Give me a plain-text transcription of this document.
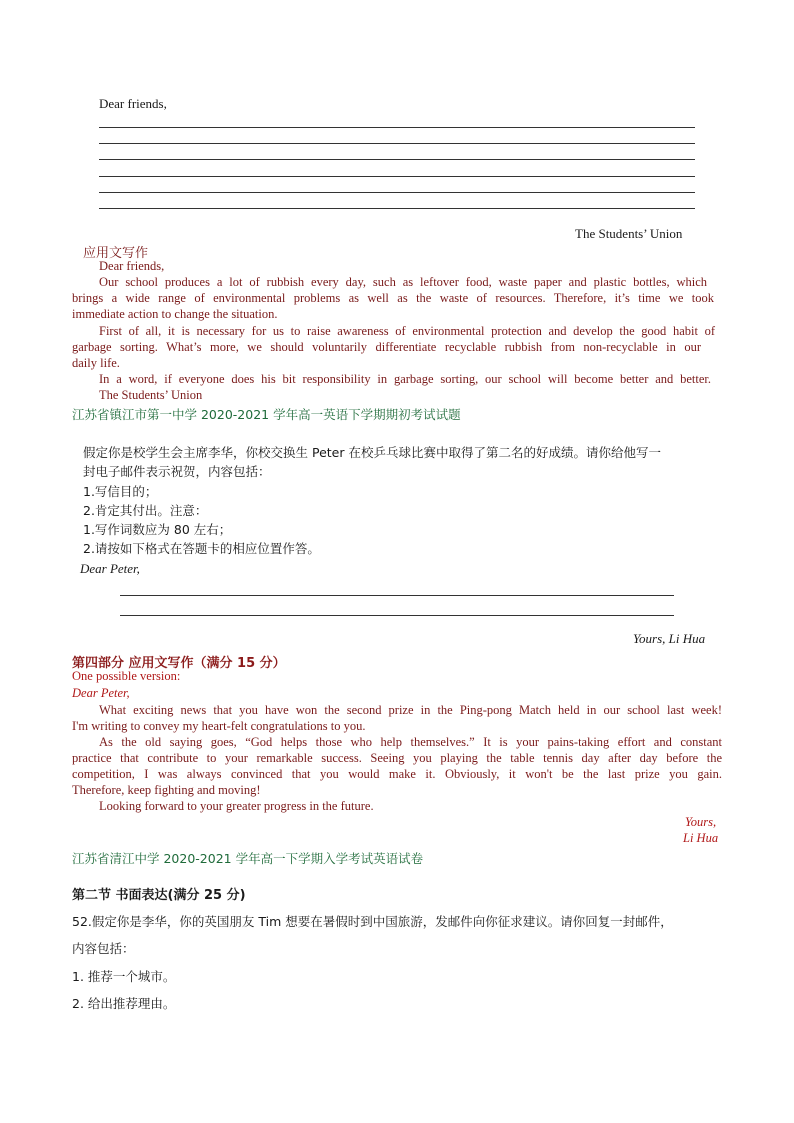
Dear friends,
The Students’ Union
应用文写作
Dear friends,
Our school produces a lot of rubbish every day, such as leftover food, waste paper and plastic bottles, which
brings a wide range of environmental problems as well as the waste of resources. Therefore, it’s time we took
immediate action to change the situation.
First of all, it is necessary for us to raise awareness of environmental protection and develop the good habit of
garbage sorting. What’s more, we should voluntarily differentiate recyclable rubbish from non-recyclable in our
daily life.
In a word, if everyone does his bit responsibility in garbage sorting, our school will become better and better.
The Students’ Union
江苏省镇江市第一中学 2020-2021 学年高一英语下学期期初考试试题
假定你是校学生会主席李华，你校交换生 Peter 在校乒乓球比赛中取得了第二名的好成绩。请你给他写一
封电子邮件表示祝贺，内容包括：
1.写信目的；
2.肯定其付出。注意：
1.写作词数应为 80 左右；
2.请按如下格式在答题卡的相应位置作答。
Dear Peter,
Yours, Li Hua
第四部分 应用文写作（满分 15 分）
One possible version:
Dear Peter,
What exciting news that you have won the second prize in the Ping-pong Match held in our school last week!
I'm writing to convey my heart-felt congratulations to you.
As the old saying goes, “God helps those who help themselves.” It is your pains-taking effort and constant
practice that contribute to your remarkable success. Seeing you playing the table tennis day after day before the
competition, I was always convinced that you would make it. Obviously, it won't be the last prize you gain.
Therefore, keep fighting and moving!
Looking forward to your greater progress in the future.
Yours,
Li Hua
江苏省清江中学 2020-2021 学年高一下学期入学考试英语试卷
第二节 书面表达(满分 25 分)
52.假定你是李华，你的英国朋友 Tim 想要在暑假时到中国旅游，发邮件向你征求建议。请你回复一封邮件，
内容包括：
1. 推荐一个城市。
2. 给出推荐理由。
